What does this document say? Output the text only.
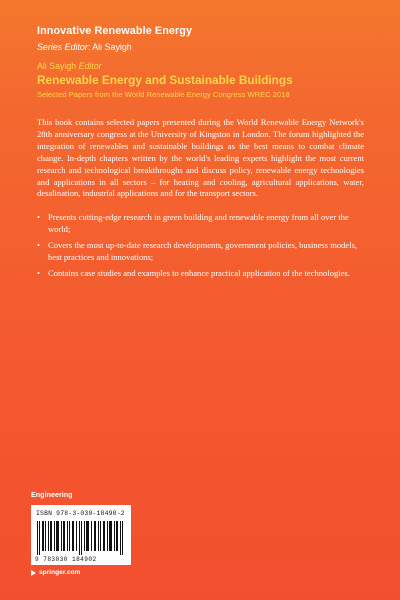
Innovative Renewable Energy
Series Editor: Ali Sayigh
Ali Sayigh Editor
Renewable Energy and Sustainable Buildings
Selected Papers from the World Renewable Energy Congress WREC 2018
This book contains selected papers presented during the World Renewable Energy Network's 28th anniversary congress at the University of Kingston in London. The forum highlighted the integration of renewables and sustainable buildings as the best means to combat climate change. In-depth chapters written by the world's leading experts highlight the most current research and technological breakthroughs and discuss policy, renewable energy technologies and applications in all sectors – for heating and cooling, agricultural applications, water, desalination, industrial applications and for the transport sectors.
• Presents cutting-edge research in green building and renewable energy from all over the world;
• Covers the most up-to-date research developments, government policies, business models, best practices and innovations;
• Contains case studies and examples to enhance practical application of the technologies.
Engineering
ISBN 978-3-030-18490-2
9 783030 184902
springer.com
